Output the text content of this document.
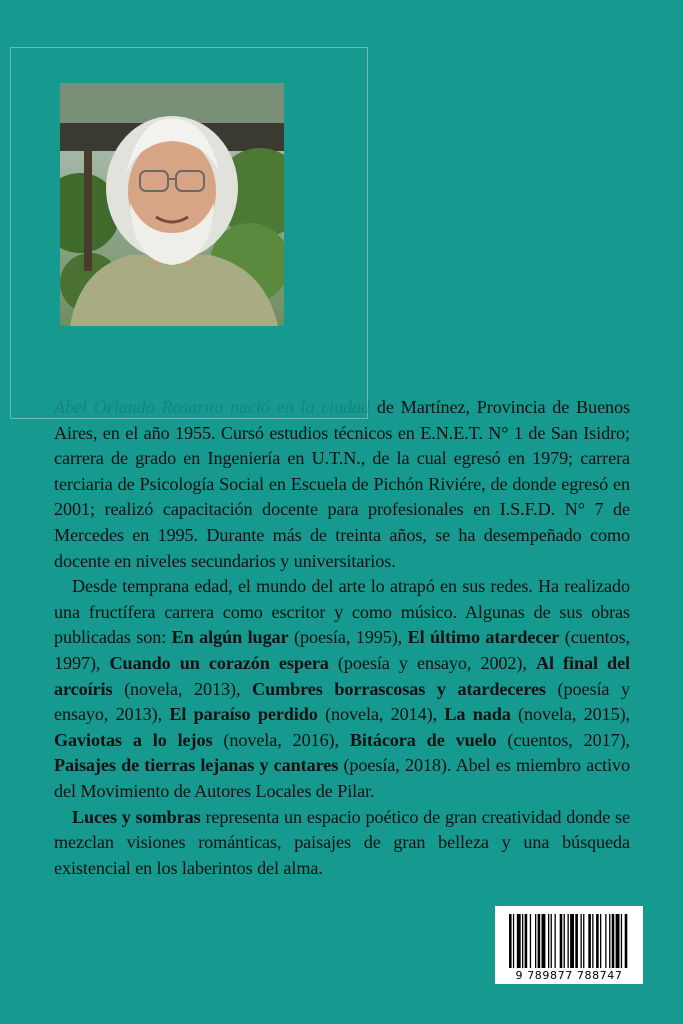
Abel Orlando Rosarito nació en la ciudad de Martínez, Provincia de Buenos Aires, en el año 1955. Cursó estudios técnicos en E.N.E.T. N° 1 de San Isidro; carrera de grado en Ingeniería en U.T.N., de la cual egresó en 1979; carrera terciaria de Psicología Social en Escuela de Pichón Riviére, de donde egresó en 2001; realizó capacitación docente para profesionales en I.S.F.D. N° 7 de Mercedes en 1995. Durante más de treinta años, se ha desempeñado como docente en niveles secundarios y universitarios.

Desde temprana edad, el mundo del arte lo atrapó en sus redes. Ha realizado una fructífera carrera como escritor y como músico. Algunas de sus obras publicadas son: En algún lugar (poesía, 1995), El último atardecer (cuentos, 1997), Cuando un corazón espera (poesía y ensayo, 2002), Al final del arcoíris (novela, 2013), Cumbres borrascosas y atardeceres (poesía y ensayo, 2013), El paraíso perdido (novela, 2014), La nada (novela, 2015), Gaviotas a lo lejos (novela, 2016), Bitácora de vuelo (cuentos, 2017), Paisajes de tierras lejanas y cantares (poesía, 2018). Abel es miembro activo del Movimiento de Autores Locales de Pilar.

Luces y sombras representa un espacio poético de gran creatividad donde se mezclan visiones románticas, paisajes de gran belleza y una búsqueda existencial en los laberintos del alma.

9 789877 788747
